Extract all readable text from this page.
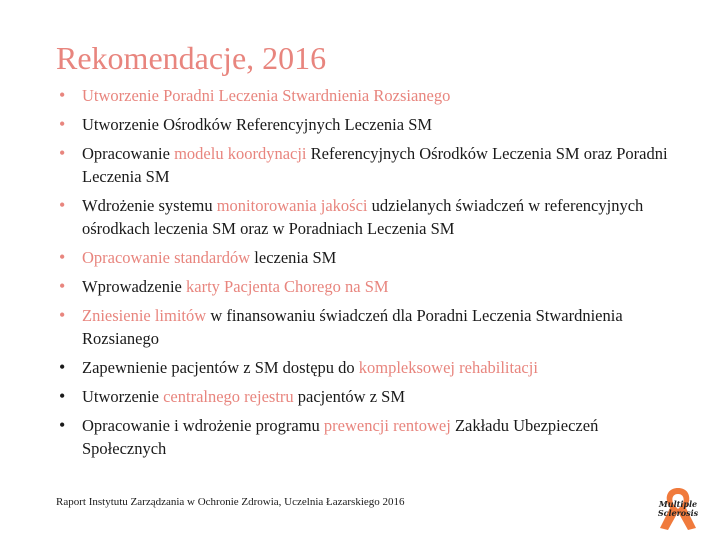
Rekomendacje, 2016
• Utworzenie Poradni Leczenia Stwardnienia Rozsianego
• Utworzenie Ośrodków Referencyjnych Leczenia SM
• Opracowanie modelu koordynacji Referencyjnych Ośrodków Leczenia SM oraz Poradni Leczenia SM
• Wdrożenie systemu monitorowania jakości udzielanych świadczeń w referencyjnych ośrodkach leczenia SM oraz w Poradniach Leczenia SM
• Opracowanie standardów leczenia SM
• Wprowadzenie karty Pacjenta Chorego na SM
• Zniesienie limitów w finansowaniu świadczeń dla Poradni Leczenia Stwardnienia Rozsianego
• Zapewnienie pacjentów z SM dostępu do kompleksowej rehabilitacji
• Utworzenie centralnego rejestru pacjentów z SM
• Opracowanie i wdrożenie programu prewencji rentowej Zakładu Ubezpieczeń Społecznych
Raport Instytutu Zarządzania w Ochronie Zdrowia, Uczelnia Łazarskiego 2016	Multiple
Sclerosis
